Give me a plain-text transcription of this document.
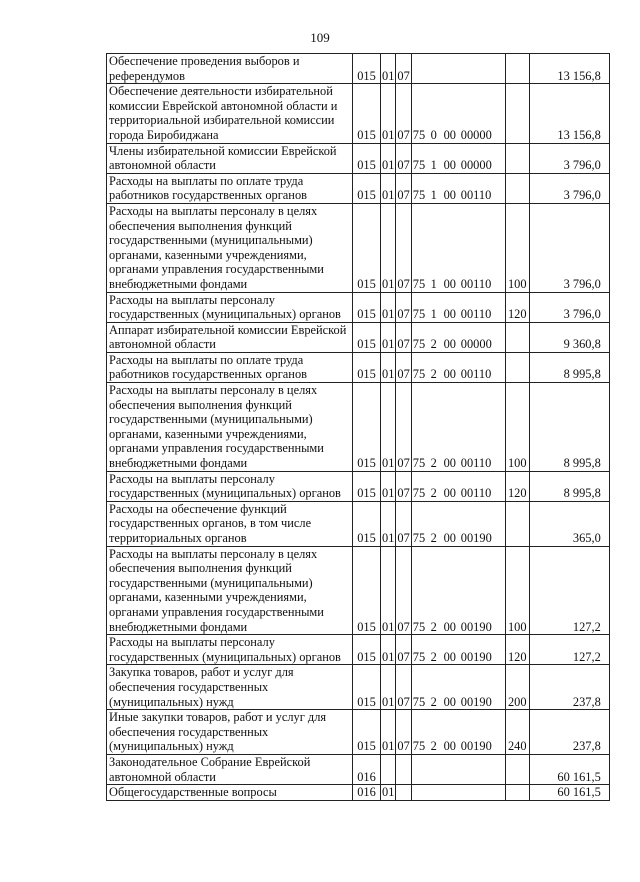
109
Обеспечение проведения выборов и референдумов	015	01	07			13 156,8
Обеспечение деятельности избирательной комиссии Еврейской автономной области и территориальной избирательной комиссии города Биробиджана	015	01	07	75 0 00 00000		13 156,8
Члены избирательной комиссии Еврейской автономной области	015	01	07	75 1 00 00000		3 796,0
Расходы на выплаты по оплате труда работников государственных органов	015	01	07	75 1 00 00110		3 796,0
Расходы на выплаты персоналу в целях обеспечения выполнения функций государственными (муниципальными) органами, казенными учреждениями, органами управления государственными внебюджетными фондами	015	01	07	75 1 00 00110	100	3 796,0
Расходы на выплаты персоналу государственных (муниципальных) органов	015	01	07	75 1 00 00110	120	3 796,0
Аппарат избирательной комиссии Еврейской автономной области	015	01	07	75 2 00 00000		9 360,8
Расходы на выплаты по оплате труда работников государственных органов	015	01	07	75 2 00 00110		8 995,8
Расходы на выплаты персоналу в целях обеспечения выполнения функций государственными (муниципальными) органами, казенными учреждениями, органами управления государственными внебюджетными фондами	015	01	07	75 2 00 00110	100	8 995,8
Расходы на выплаты персоналу государственных (муниципальных) органов	015	01	07	75 2 00 00110	120	8 995,8
Расходы на обеспечение функций государственных органов, в том числе территориальных органов	015	01	07	75 2 00 00190		365,0
Расходы на выплаты персоналу в целях обеспечения выполнения функций государственными (муниципальными) органами, казенными учреждениями, органами управления государственными внебюджетными фондами	015	01	07	75 2 00 00190	100	127,2
Расходы на выплаты персоналу государственных (муниципальных) органов	015	01	07	75 2 00 00190	120	127,2
Закупка товаров, работ и услуг для обеспечения государственных (муниципальных) нужд	015	01	07	75 2 00 00190	200	237,8
Иные закупки товаров, работ и услуг для обеспечения государственных (муниципальных) нужд	015	01	07	75 2 00 00190	240	237,8
Законодательное Собрание Еврейской автономной области	016					60 161,5
Общегосударственные вопросы	016	01				60 161,5
